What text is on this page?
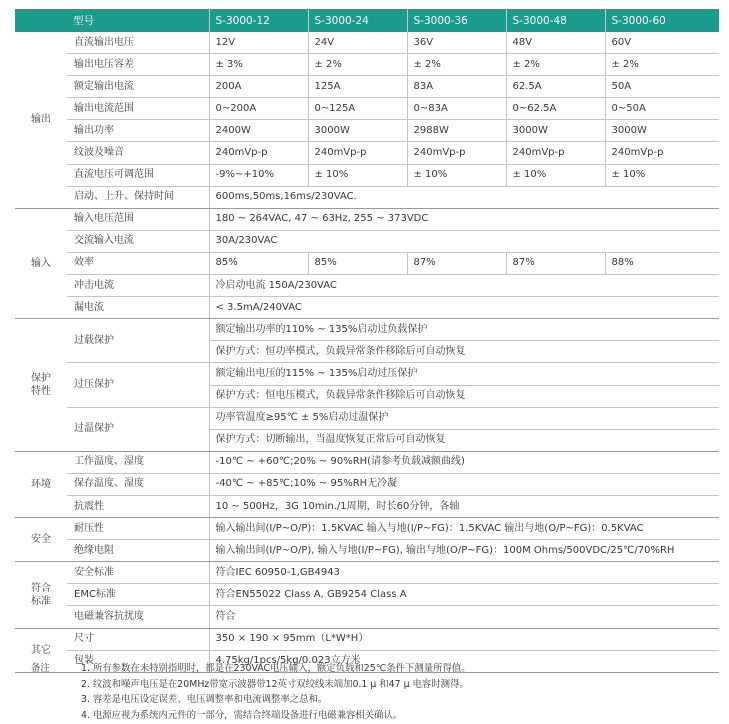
	型号	S-3000-12	S-3000-24	S-3000-36	S-3000-48	S-3000-60
输出	直流输出电压	12V	24V	36V	48V	60V
	输出电压容差	± 3%	± 2%	± 2%	± 2%	± 2%
	额定输出电流	200A	125A	83A	62.5A	50A
	输出电流范围	0~200A	0~125A	0~83A	0~62.5A	0~50A
	输出功率	2400W	3000W	2988W	3000W	3000W
	纹波及噪音	240mVp-p	240mVp-p	240mVp-p	240mVp-p	240mVp-p
	直流电压可调范围	-9%~+10%	± 10%	± 10%	± 10%	± 10%
	启动、上升、保持时间	600ms,50ms,16ms/230VAC.				
输入	输入电压范围	180 ~ 264VAC, 47 ~ 63Hz, 255 ~ 373VDC				
	交流输入电流	30A/230VAC				
	效率	85%	85%	87%	87%	88%
	冲击电流	冷启动电流 150A/230VAC				
	漏电流	< 3.5mA/240VAC				
保护
特性	过载保护	额定输出功率的110% ~ 135%启动过负载保护				
		保护方式：恒功率模式，负载异常条件移除后可自动恢复				
	过压保护	额定输出电压的115% ~ 135%启动过压保护				
		保护方式：恒电压模式，负载异常条件移除后可自动恢复				
	过温保护	功率管温度≥95℃ ± 5%启动过温保护				
		保护方式：切断输出，当温度恢复正常后可自动恢复				
环境	工作温度、湿度	-10℃ ~ +60℃;20% ~ 90%RH(请参考负载减额曲线)				
	保存温度、湿度	-40℃ ~ +85℃;10% ~ 95%RH无冷凝				
	抗震性	10 ~ 500Hz，3G 10min./1周期，时长60分钟，各轴				
安全	耐压性	输入输出间(I/P~O/P)：1.5KVAC 输入与地(I/P~FG)：1.5KVAC 输出与地(O/P~FG)：0.5KVAC				
	绝缘电阻	输入输出间(I/P~O/P), 输入与地(I/P~FG), 输出与地(O/P~FG)：100M Ohms/500VDC/25℃/70%RH				
符合
标准	安全标准	符合IEC 60950-1,GB4943				
	EMC标准	符合EN55022 Class A, GB9254 Class A				
	电磁兼容抗扰度	符合				
其它	尺寸	350 × 190 × 95mm（L*W*H）				
	包装	4.75kg/1pcs/5kg/0.023立方米				
备注	1. 所有参数在未特别指明时，都是在230VAC电压输入，额定负载和25℃条件下测量所得值。
2. 纹波和噪声电压是在20MHz带宽示波器带12英寸双绞线末端加0.1 μ 和47 μ 电容时测得。
3. 容差是电压设定误差、电压调整率和电流调整率之总和。
4. 电源应视为系统内元件的一部分，需结合终端设备进行电磁兼容相关确认。
